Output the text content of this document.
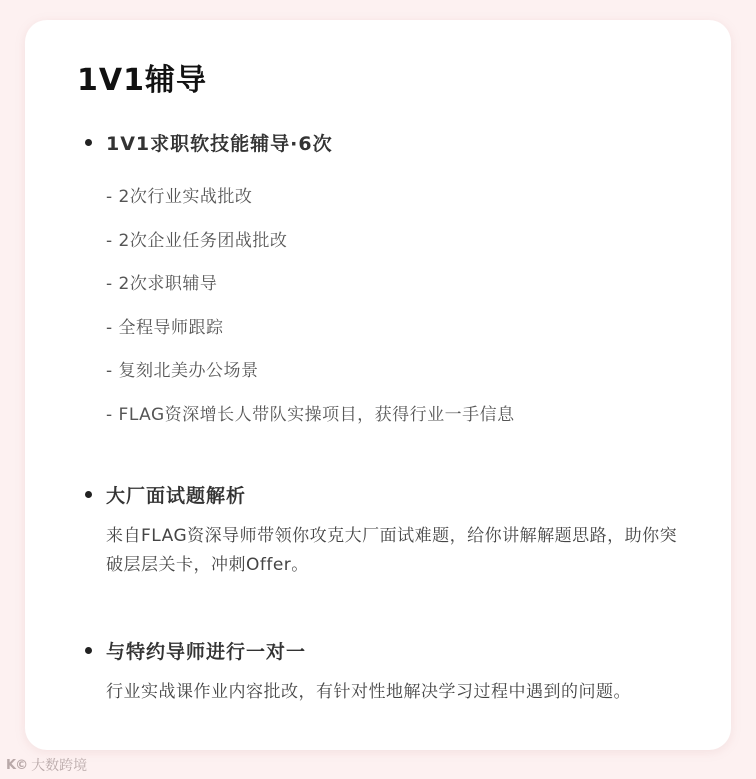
1V1辅导
1V1求职软技能辅导·6次
- 2次行业实战批改
- 2次企业任务团战批改
- 2次求职辅导
- 全程导师跟踪
- 复刻北美办公场景
- FLAG资深增长人带队实操项目，获得行业一手信息
大厂面试题解析

来自FLAG资深导师带领你攻克大厂面试难题，给你讲解解题思路，助你突破层层关卡，冲刺Offer。

与特约导师进行一对一

行业实战课作业内容批改，有针对性地解决学习过程中遇到的问题。

K© 大数跨境
